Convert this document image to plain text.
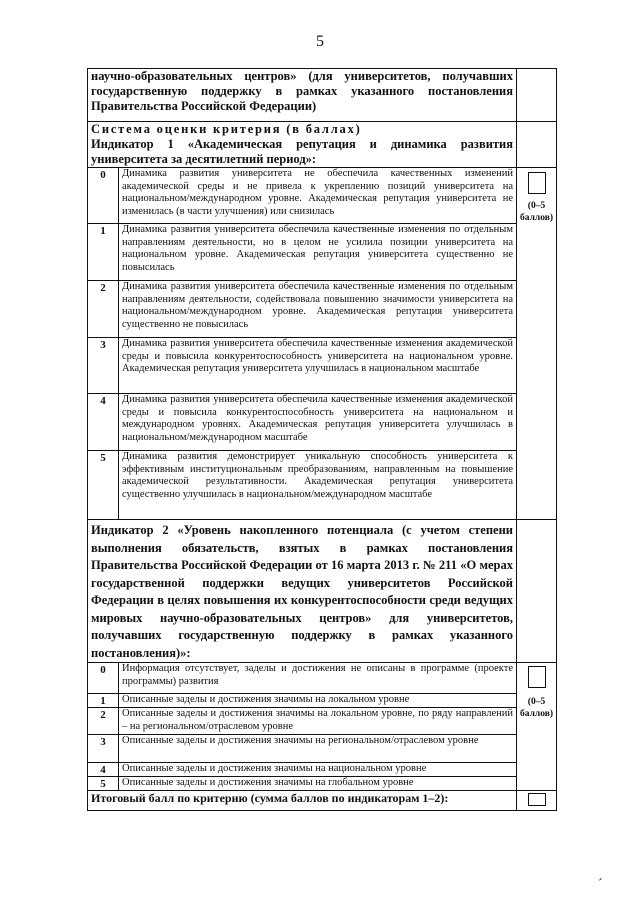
5
научно-образовательных центров» (для университетов, получавших государственную поддержку в рамках указанного постановления Правительства Российской Федерации)		

Система оценки критерия (в баллах)
Индикатор 1 «Академическая репутация и динамика развития университета за десятилетний период»:		

0	Динамика развития университета не обеспечила качественных изменений академической среды и не привела к укреплению позиций университета на национальном/международном уровне. Академическая репутация университета не изменилась (в части улучшения) или снизилась	(0–5 баллов)

1	Динамика развития университета обеспечила качественные изменения по отдельным направлениям деятельности, но в целом не усилила позиции университета на национальном уровне. Академическая репутация университета существенно не повысилась	
2	Динамика развития университета обеспечила качественные изменения по отдельным направлениям деятельности, содействовала повышению значимости университета на национальном/международном уровне. Академическая репутация университета существенно не повысилась	
3	Динамика развития университета обеспечила качественные изменения академической среды и повысила конкурентоспособность университета на национальном уровне. Академическая репутация университета улучшилась в национальном масштабе	
4	Динамика развития университета обеспечила качественные изменения академической среды и повысила конкурентоспособность университета на национальном и международном уровнях. Академическая репутация университета улучшилась в национальном/международном масштабе	
5	Динамика развития демонстрирует уникальную способность университета к эффективным институциональным преобразованиям, направленным на повышение академической результативности. Академическая репутация университета существенно улучшилась в национальном/международном масштабе	
Индикатор 2 «Уровень накопленного потенциала (с учетом степени выполнения обязательств, взятых в рамках постановления Правительства Российской Федерации от 16 марта 2013 г. № 211 «О мерах государственной поддержки ведущих университетов Российской Федерации в целях повышения их конкурентоспособности среди ведущих мировых научно-образовательных центров» для университетов, получавших государственную поддержку в рамках указанного постановления)»:		
0	Информация отсутствует, заделы и достижения не описаны в программе (проекте программы) развития	(0–5 баллов)

1	Описанные заделы и достижения значимы на локальном уровне	
2	Описанные заделы и достижения значимы на локальном уровне, по ряду направлений – на региональном/отраслевом уровне	
3	Описанные заделы и достижения значимы на региональном/отраслевом уровне	
4	Описанные заделы и достижения значимы на национальном уровне	
5	Описанные заделы и достижения значимы на глобальном уровне	
Итоговый балл по критерию (сумма баллов по индикаторам 1–2):		
ˊ
